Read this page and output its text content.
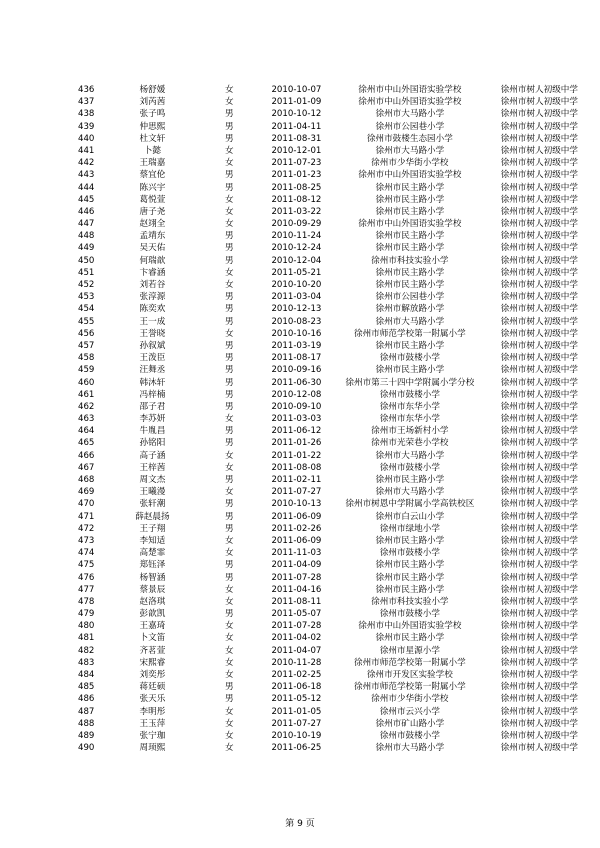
436	杨舒媛	女	2010-10-07	徐州市中山外国语实验学校	徐州市树人初级中学
437	刘芮茜	女	2011-01-09	徐州市中山外国语实验学校	徐州市树人初级中学
438	张子鸣	男	2010-10-12	徐州市大马路小学	徐州市树人初级中学
439	仲思熙	男	2011-04-11	徐州市公园巷小学	徐州市树人初级中学
440	杜文轩	男	2011-08-31	徐州市鼓楼生态园小学	徐州市树人初级中学
441	卜懿	女	2010-12-01	徐州市大马路小学	徐州市树人初级中学
442	王瑞嘉	女	2011-07-23	徐州市少华街小学校	徐州市树人初级中学
443	蔡宜伦	男	2011-01-23	徐州市中山外国语实验学校	徐州市树人初级中学
444	陈兴宇	男	2011-08-25	徐州市民主路小学	徐州市树人初级中学
445	葛悦萱	女	2011-08-12	徐州市民主路小学	徐州市树人初级中学
446	唐子尧	女	2011-03-22	徐州市民主路小学	徐州市树人初级中学
447	赵翊全	女	2010-09-29	徐州市中山外国语实验学校	徐州市树人初级中学
448	孟靖东	男	2010-11-24	徐州市民主路小学	徐州市树人初级中学
449	吴天佑	男	2010-12-24	徐州市民主路小学	徐州市树人初级中学
450	何瑞歆	男	2010-12-04	徐州市科技实验小学	徐州市树人初级中学
451	卞睿涵	女	2011-05-21	徐州市民主路小学	徐州市树人初级中学
452	刘若谷	女	2010-10-20	徐州市民主路小学	徐州市树人初级中学
453	张淳源	男	2011-03-04	徐州市公园巷小学	徐州市树人初级中学
454	陈奕欢	男	2010-12-13	徐州市解放路小学	徐州市树人初级中学
455	王一成	男	2010-08-23	徐州市大马路小学	徐州市树人初级中学
456	王誉晓	女	2010-10-16	徐州市师范学校第一附属小学	徐州市树人初级中学
457	孙叙斌	男	2011-03-19	徐州市民主路小学	徐州市树人初级中学
458	王泼臣	男	2011-08-17	徐州市鼓楼小学	徐州市树人初级中学
459	汪舞丞	男	2010-09-16	徐州市民主路小学	徐州市树人初级中学
460	韩沐轩	男	2011-06-30	徐州市第三十四中学附属小学分校	徐州市树人初级中学
461	冯梓楠	男	2010-12-08	徐州市鼓楼小学	徐州市树人初级中学
462	邵子君	男	2010-09-10	徐州市东华小学	徐州市树人初级中学
463	李苏妍	女	2011-03-03	徐州市东华小学	徐州市树人初级中学
464	牛胤昌	男	2011-06-12	徐州市王场新村小学	徐州市树人初级中学
465	孙铭阳	男	2011-01-26	徐州市光荣巷小学校	徐州市树人初级中学
466	高子涵	女	2011-01-22	徐州市大马路小学	徐州市树人初级中学
467	王梓茜	女	2011-08-08	徐州市鼓楼小学	徐州市树人初级中学
468	周文杰	男	2011-02-11	徐州市民主路小学	徐州市树人初级中学
469	王曦漫	女	2011-07-27	徐州市大马路小学	徐州市树人初级中学
470	张轩潮	男	2010-10-13	徐州市树恩中学附属小学高铁校区	徐州市树人初级中学
471	薛赵晨扬	男	2011-06-09	徐州市白云山小学	徐州市树人初级中学
472	王子翔	男	2011-02-26	徐州市绿地小学	徐州市树人初级中学
473	李知适	女	2011-06-09	徐州市民主路小学	徐州市树人初级中学
474	高楚霏	女	2011-11-03	徐州市鼓楼小学	徐州市树人初级中学
475	郑钰泽	男	2011-04-09	徐州市民主路小学	徐州市树人初级中学
476	杨智涵	男	2011-07-28	徐州市民主路小学	徐州市树人初级中学
477	蔡景辰	女	2011-04-16	徐州市民主路小学	徐州市树人初级中学
478	赵洛琪	女	2011-08-11	徐州市科技实验小学	徐州市树人初级中学
479	彭歆凯	男	2011-05-07	徐州市鼓楼小学	徐州市树人初级中学
480	王嘉琦	女	2011-07-28	徐州市中山外国语实验学校	徐州市树人初级中学
481	卜文笛	女	2011-04-02	徐州市民主路小学	徐州市树人初级中学
482	齐茗萱	女	2011-04-07	徐州市星源小学	徐州市树人初级中学
483	宋熙睿	女	2010-11-28	徐州市师范学校第一附属小学	徐州市树人初级中学
484	刘奕彤	女	2011-02-25	徐州市开发区实验学校	徐州市树人初级中学
485	蒋廷硕	男	2011-06-18	徐州市师范学校第一附属小学	徐州市树人初级中学
486	张天乐	男	2011-05-12	徐州市少华街小学校	徐州市树人初级中学
487	李明彤	女	2011-01-05	徐州市云兴小学	徐州市树人初级中学
488	王玉萍	女	2011-07-27	徐州市矿山路小学	徐州市树人初级中学
489	张宁珈	女	2010-10-19	徐州市鼓楼小学	徐州市树人初级中学
490	周顼熙	女	2011-06-25	徐州市大马路小学	徐州市树人初级中学
第 9 页
